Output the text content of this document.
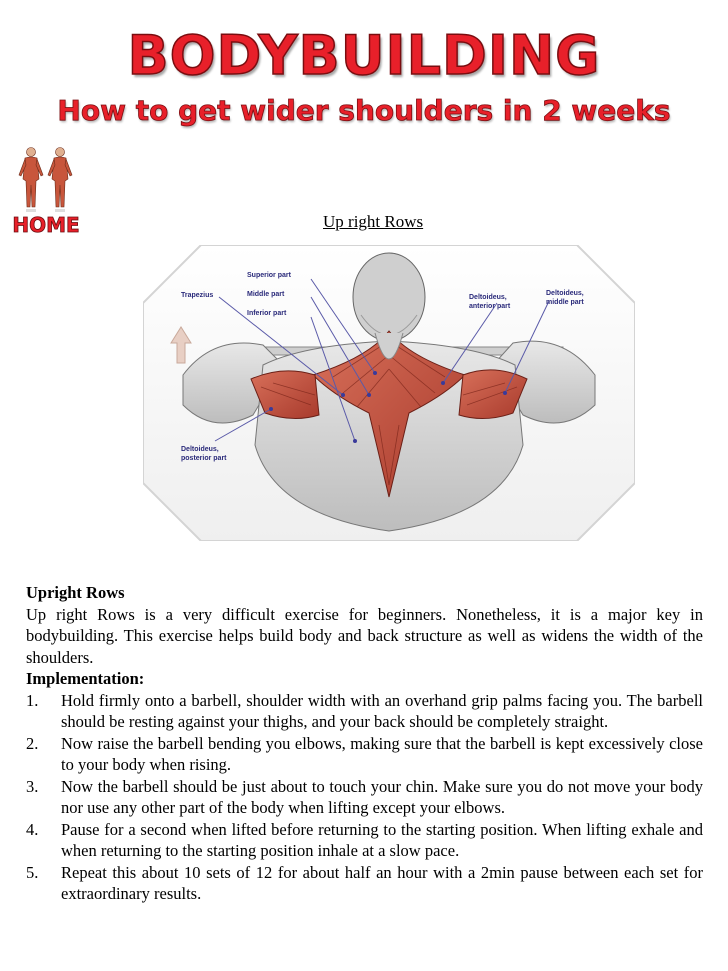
BODYBUILDING
How to get wider shoulders in 2 weeks
HOME	Up right Rows
Trapezius
Superior part
Middle part
Inferior part
Deltoideus,
anterior part
Deltoideus,
middle part
Deltoideus,
posterior part
Upright Rows

Up right Rows is a very difficult exercise for beginners. Nonetheless, it is a major key in bodybuilding. This exercise helps build body and back structure as well as widens the width of the shoulders.

Implementation:
1. Hold firmly onto a barbell, shoulder width with an overhand grip palms facing you. The barbell should be resting against your thighs, and your back should be completely straight.
2. Now raise the barbell bending you elbows, making sure that the barbell is kept excessively close to your body when rising.
3. Now the barbell should be just about to touch your chin. Make sure you do not move your body nor use any other part of the body when lifting except your elbows.
4. Pause for a second when lifted before returning to the starting position. When lifting exhale and when returning to the starting position inhale at a slow pace.
5. Repeat this about 10 sets of 12 for about half an hour with a 2min pause between each set for extraordinary results.
